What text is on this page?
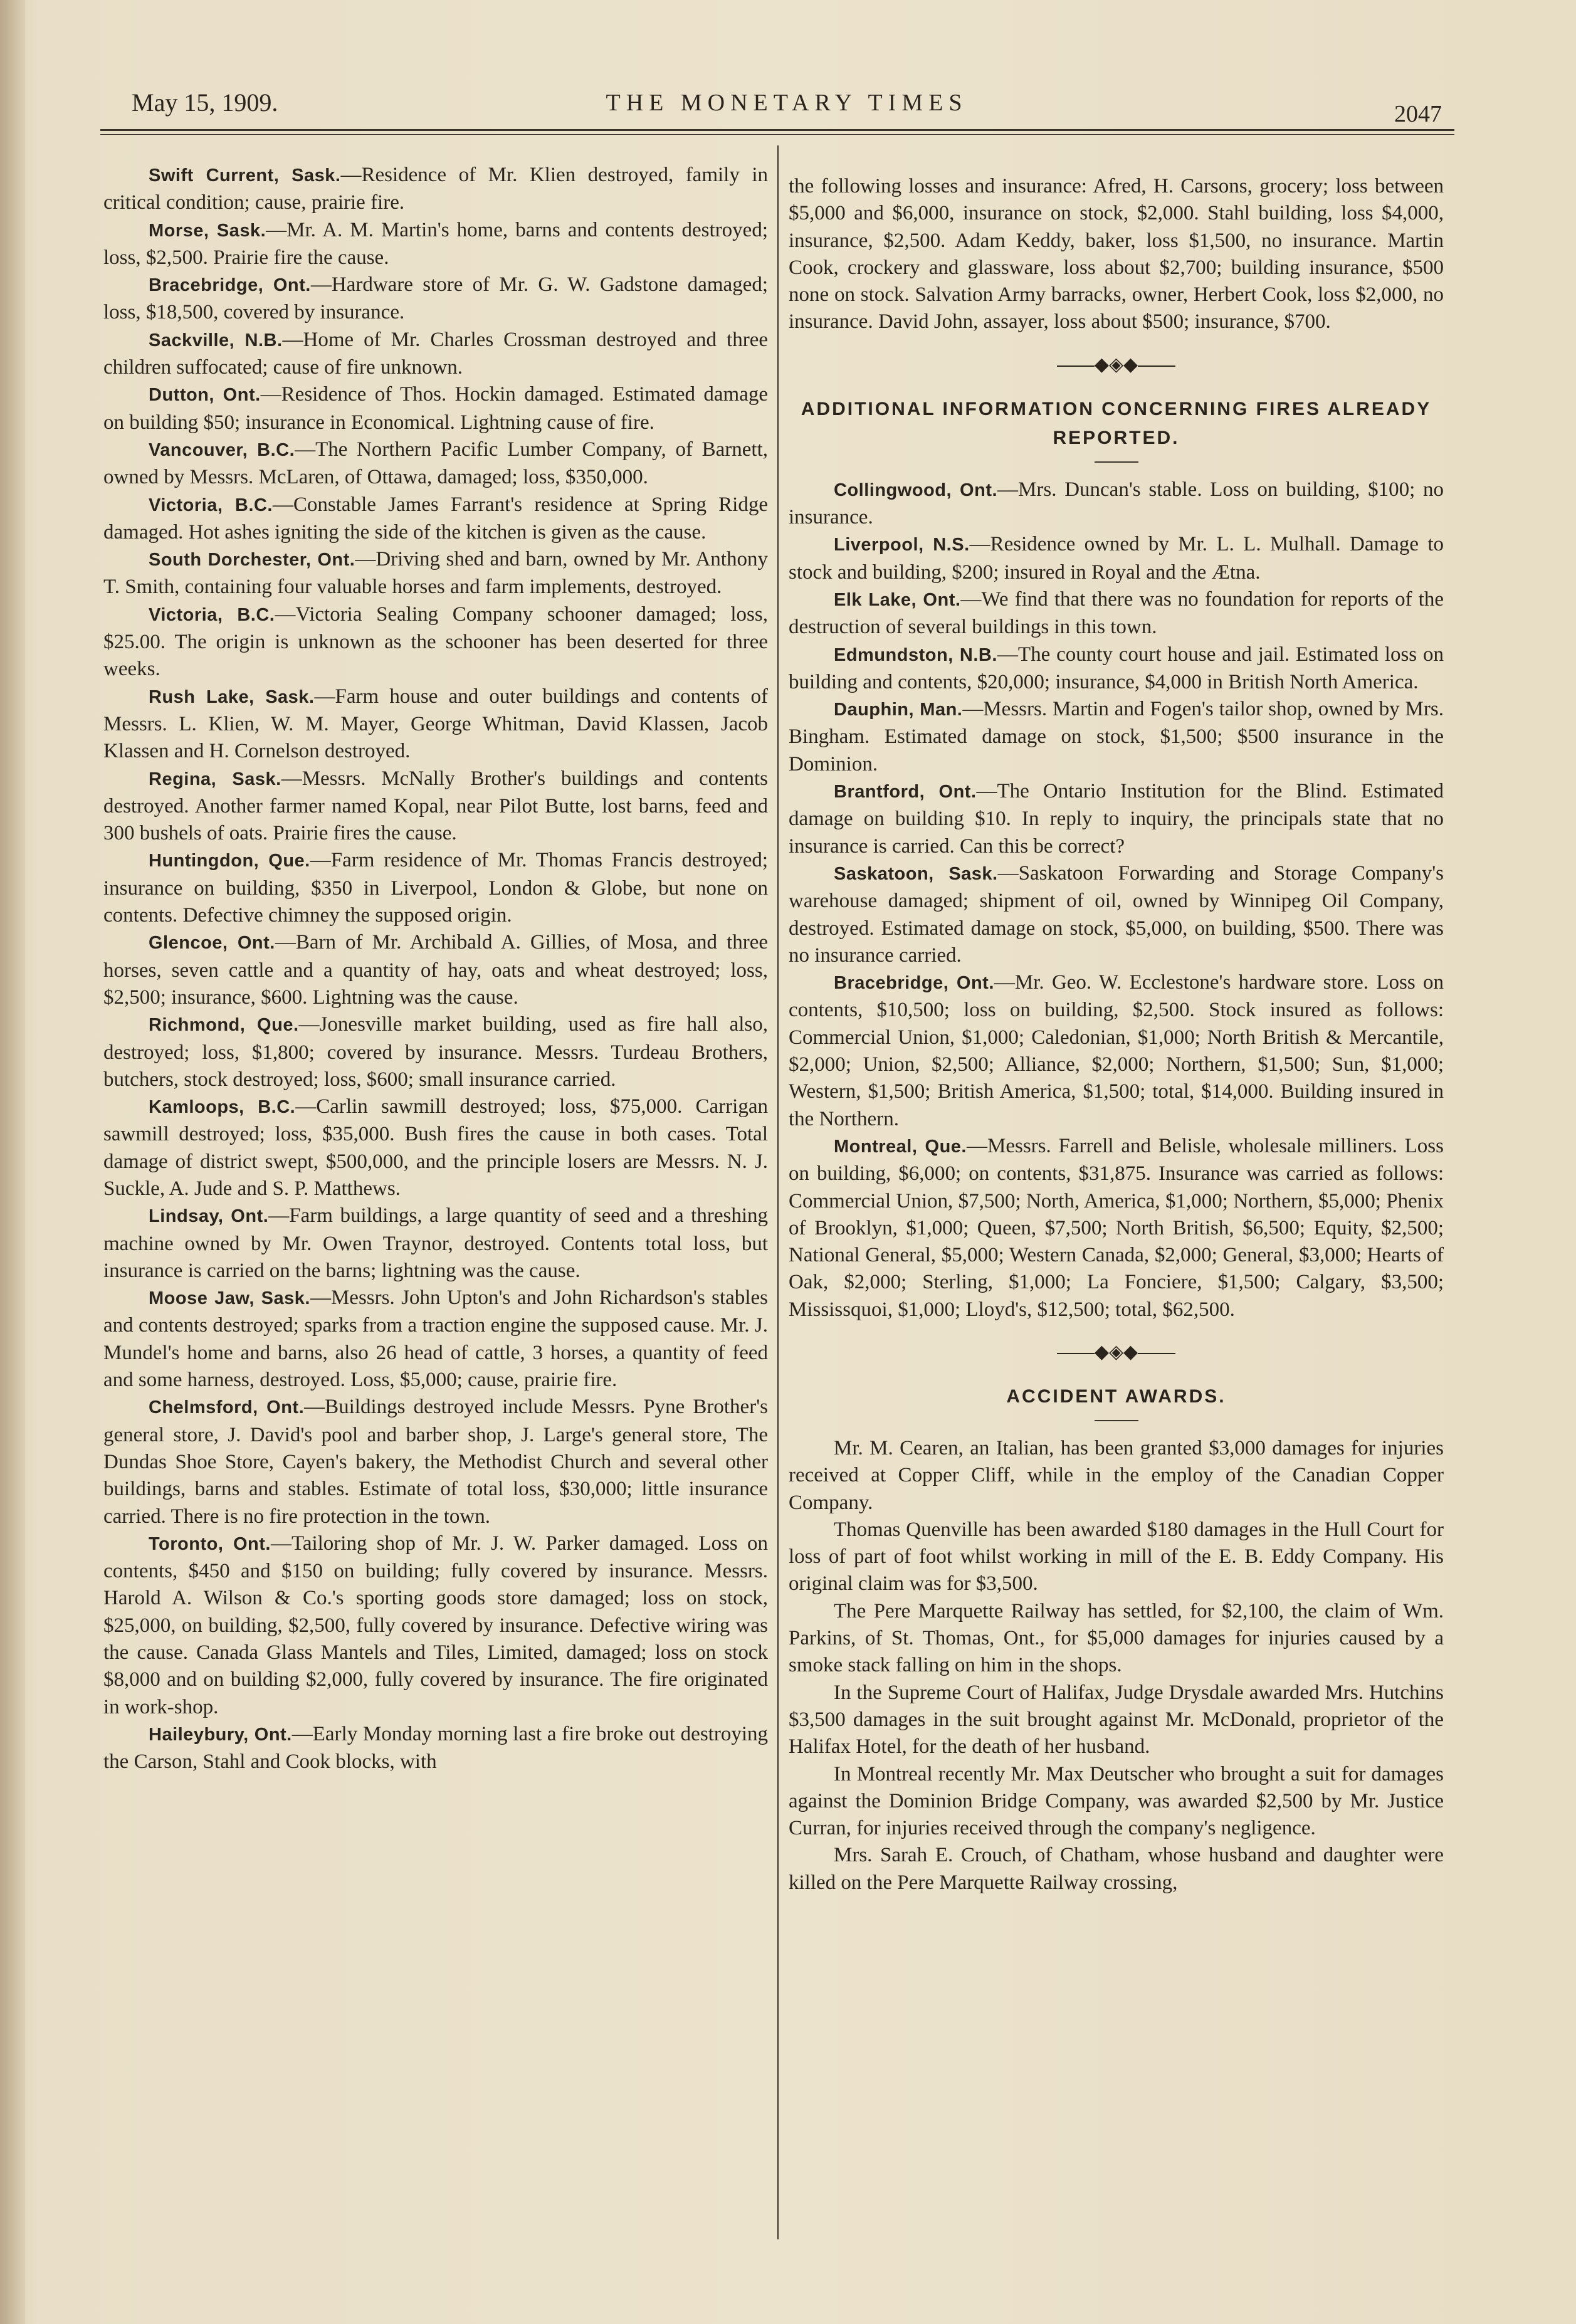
May 15, 1909.	THE MONETARY TIMES	2047

Swift Current, Sask.—Residence of Mr. Klien destroyed, family in critical condition; cause, prairie fire.

Morse, Sask.—Mr. A. M. Martin's home, barns and contents destroyed; loss, $2,500. Prairie fire the cause.

Bracebridge, Ont.—Hardware store of Mr. G. W. Gadstone damaged; loss, $18,500, covered by insurance.

Sackville, N.B.—Home of Mr. Charles Crossman destroyed and three children suffocated; cause of fire unknown.

Dutton, Ont.—Residence of Thos. Hockin damaged. Estimated damage on building $50; insurance in Economical. Lightning cause of fire.

Vancouver, B.C.—The Northern Pacific Lumber Company, of Barnett, owned by Messrs. McLaren, of Ottawa, damaged; loss, $350,000.

Victoria, B.C.—Constable James Farrant's residence at Spring Ridge damaged. Hot ashes igniting the side of the kitchen is given as the cause.

South Dorchester, Ont.—Driving shed and barn, owned by Mr. Anthony T. Smith, containing four valuable horses and farm implements, destroyed.

Victoria, B.C.—Victoria Sealing Company schooner damaged; loss, $25.00. The origin is unknown as the schooner has been deserted for three weeks.

Rush Lake, Sask.—Farm house and outer buildings and contents of Messrs. L. Klien, W. M. Mayer, George Whitman, David Klassen, Jacob Klassen and H. Cornelson destroyed.

Regina, Sask.—Messrs. McNally Brother's buildings and contents destroyed. Another farmer named Kopal, near Pilot Butte, lost barns, feed and 300 bushels of oats. Prairie fires the cause.

Huntingdon, Que.—Farm residence of Mr. Thomas Francis destroyed; insurance on building, $350 in Liverpool, London & Globe, but none on contents. Defective chimney the supposed origin.

Glencoe, Ont.—Barn of Mr. Archibald A. Gillies, of Mosa, and three horses, seven cattle and a quantity of hay, oats and wheat destroyed; loss, $2,500; insurance, $600. Lightning was the cause.

Richmond, Que.—Jonesville market building, used as fire hall also, destroyed; loss, $1,800; covered by insurance. Messrs. Turdeau Brothers, butchers, stock destroyed; loss, $600; small insurance carried.

Kamloops, B.C.—Carlin sawmill destroyed; loss, $75,000. Carrigan sawmill destroyed; loss, $35,000. Bush fires the cause in both cases. Total damage of district swept, $500,000, and the principle losers are Messrs. N. J. Suckle, A. Jude and S. P. Matthews.

Lindsay, Ont.—Farm buildings, a large quantity of seed and a threshing machine owned by Mr. Owen Traynor, destroyed. Contents total loss, but insurance is carried on the barns; lightning was the cause.

Moose Jaw, Sask.—Messrs. John Upton's and John Richardson's stables and contents destroyed; sparks from a traction engine the supposed cause. Mr. J. Mundel's home and barns, also 26 head of cattle, 3 horses, a quantity of feed and some harness, destroyed. Loss, $5,000; cause, prairie fire.

Chelmsford, Ont.—Buildings destroyed include Messrs. Pyne Brother's general store, J. David's pool and barber shop, J. Large's general store, The Dundas Shoe Store, Cayen's bakery, the Methodist Church and several other buildings, barns and stables. Estimate of total loss, $30,000; little insurance carried. There is no fire protection in the town.

Toronto, Ont.—Tailoring shop of Mr. J. W. Parker damaged. Loss on contents, $450 and $150 on building; fully covered by insurance. Messrs. Harold A. Wilson & Co.'s sporting goods store damaged; loss on stock, $25,000, on building, $2,500, fully covered by insurance. Defective wiring was the cause. Canada Glass Mantels and Tiles, Limited, damaged; loss on stock $8,000 and on building $2,000, fully covered by insurance. The fire originated in work-shop.

Haileybury, Ont.—Early Monday morning last a fire broke out destroying the Carson, Stahl and Cook blocks, with

the following losses and insurance: Afred, H. Carsons, grocery; loss between $5,000 and $6,000, insurance on stock, $2,000. Stahl building, loss $4,000, insurance, $2,500. Adam Keddy, baker, loss $1,500, no insurance. Martin Cook, crockery and glassware, loss about $2,700; building insurance, $500 none on stock. Salvation Army barracks, owner, Herbert Cook, loss $2,000, no insurance. David John, assayer, loss about $500; insurance, $700.

◆◈◆
ADDITIONAL INFORMATION CONCERNING FIRES ALREADY REPORTED.

Collingwood, Ont.—Mrs. Duncan's stable. Loss on building, $100; no insurance.

Liverpool, N.S.—Residence owned by Mr. L. L. Mulhall. Damage to stock and building, $200; insured in Royal and the Ætna.

Elk Lake, Ont.—We find that there was no foundation for reports of the destruction of several buildings in this town.

Edmundston, N.B.—The county court house and jail. Estimated loss on building and contents, $20,000; insurance, $4,000 in British North America.

Dauphin, Man.—Messrs. Martin and Fogen's tailor shop, owned by Mrs. Bingham. Estimated damage on stock, $1,500; $500 insurance in the Dominion.

Brantford, Ont.—The Ontario Institution for the Blind. Estimated damage on building $10. In reply to inquiry, the principals state that no insurance is carried. Can this be correct?

Saskatoon, Sask.—Saskatoon Forwarding and Storage Company's warehouse damaged; shipment of oil, owned by Winnipeg Oil Company, destroyed. Estimated damage on stock, $5,000, on building, $500. There was no insurance carried.

Bracebridge, Ont.—Mr. Geo. W. Ecclestone's hardware store. Loss on contents, $10,500; loss on building, $2,500. Stock insured as follows: Commercial Union, $1,000; Caledonian, $1,000; North British & Mercantile, $2,000; Union, $2,500; Alliance, $2,000; Northern, $1,500; Sun, $1,000; Western, $1,500; British America, $1,500; total, $14,000. Building insured in the Northern.

Montreal, Que.—Messrs. Farrell and Belisle, wholesale milliners. Loss on building, $6,000; on contents, $31,875. Insurance was carried as follows: Commercial Union, $7,500; North, America, $1,000; Northern, $5,000; Phenix of Brooklyn, $1,000; Queen, $7,500; North British, $6,500; Equity, $2,500; National General, $5,000; Western Canada, $2,000; General, $3,000; Hearts of Oak, $2,000; Sterling, $1,000; La Fonciere, $1,500; Calgary, $3,500; Mississquoi, $1,000; Lloyd's, $12,500; total, $62,500.

◆◈◆
ACCIDENT AWARDS.

Mr. M. Cearen, an Italian, has been granted $3,000 damages for injuries received at Copper Cliff, while in the employ of the Canadian Copper Company.

Thomas Quenville has been awarded $180 damages in the Hull Court for loss of part of foot whilst working in mill of the E. B. Eddy Company. His original claim was for $3,500.

The Pere Marquette Railway has settled, for $2,100, the claim of Wm. Parkins, of St. Thomas, Ont., for $5,000 damages for injuries caused by a smoke stack falling on him in the shops.

In the Supreme Court of Halifax, Judge Drysdale awarded Mrs. Hutchins $3,500 damages in the suit brought against Mr. McDonald, proprietor of the Halifax Hotel, for the death of her husband.

In Montreal recently Mr. Max Deutscher who brought a suit for damages against the Dominion Bridge Company, was awarded $2,500 by Mr. Justice Curran, for injuries received through the company's negligence.

Mrs. Sarah E. Crouch, of Chatham, whose husband and daughter were killed on the Pere Marquette Railway crossing,
